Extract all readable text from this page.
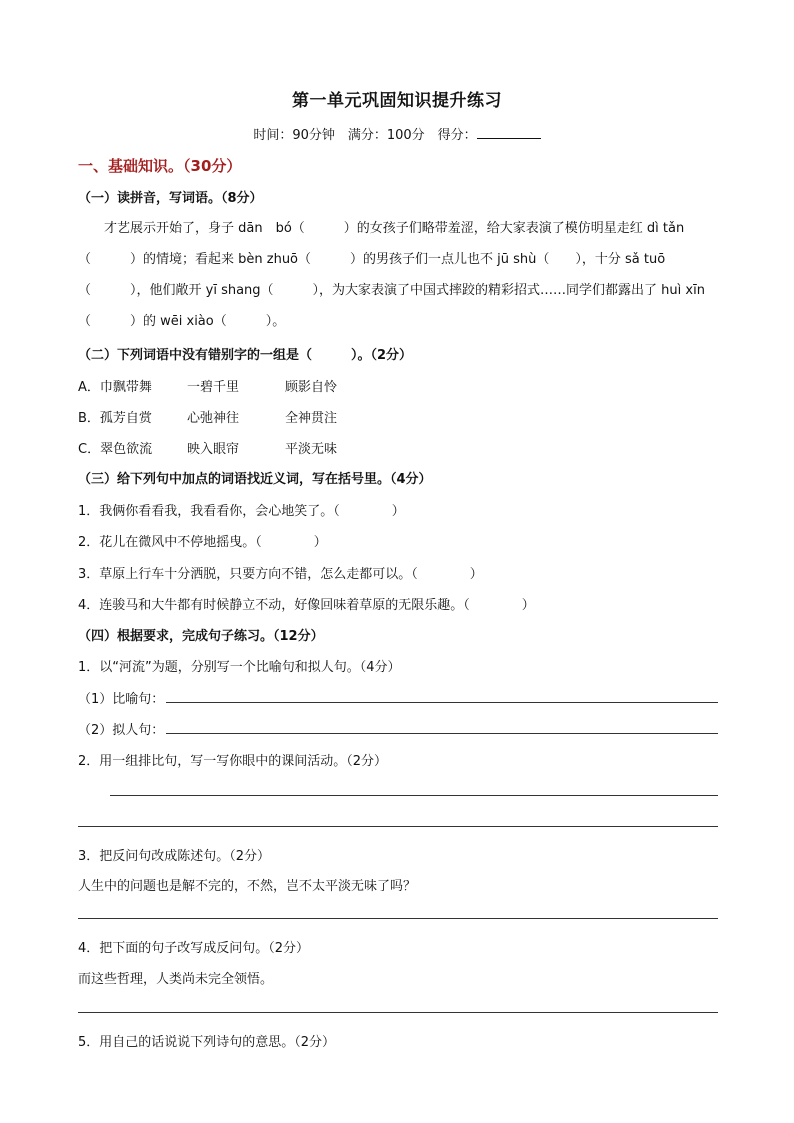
第一单元巩固知识提升练习
时间：90分钟　满分：100分　得分：
一、基础知识。（30分）
（一）读拼音，写词语。（8分）
才艺展示开始了，身子 dān　bó（　　　）的女孩子们略带羞涩，给大家表演了模仿明星走红 dì tǎn（　　　）的情境；看起来 bèn zhuō（　　　）的男孩子们一点儿也不 jū shù（　　），十分 sǎ tuō（　　　），他们敞开 yī shang（　　　），为大家表演了中国式摔跤的精彩招式……同学们都露出了 huì xīn（　　　）的 wēi xiào（　　　）。
（二）下列词语中没有错别字的一组是（　　　）。（2分）
A．巾飘带舞	一碧千里	顾影自怜
B．孤芳自赏	心弛神往	全神贯注
C．翠色欲流	映入眼帘	平淡无味
（三）给下列句中加点的词语找近义词，写在括号里。（4分）
1．我俩你看看我，我看看你，会心地笑了。（　　　　）
2．花儿在微风中不停地摇曳。（　　　　）
3．草原上行车十分洒脱，只要方向不错，怎么走都可以。（　　　　）
4．连骏马和大牛都有时候静立不动，好像回味着草原的无限乐趣。（　　　　）
（四）根据要求，完成句子练习。（12分）
1．以“河流”为题，分别写一个比喻句和拟人句。（4分）
（1）比喻句：
（2）拟人句：
2．用一组排比句，写一写你眼中的课间活动。（2分）
3．把反问句改成陈述句。（2分）
人生中的问题也是解不完的，不然，岂不太平淡无味了吗？
4．把下面的句子改写成反问句。（2分）
而这些哲理，人类尚未完全领悟。
5．用自己的话说说下列诗句的意思。（2分）
